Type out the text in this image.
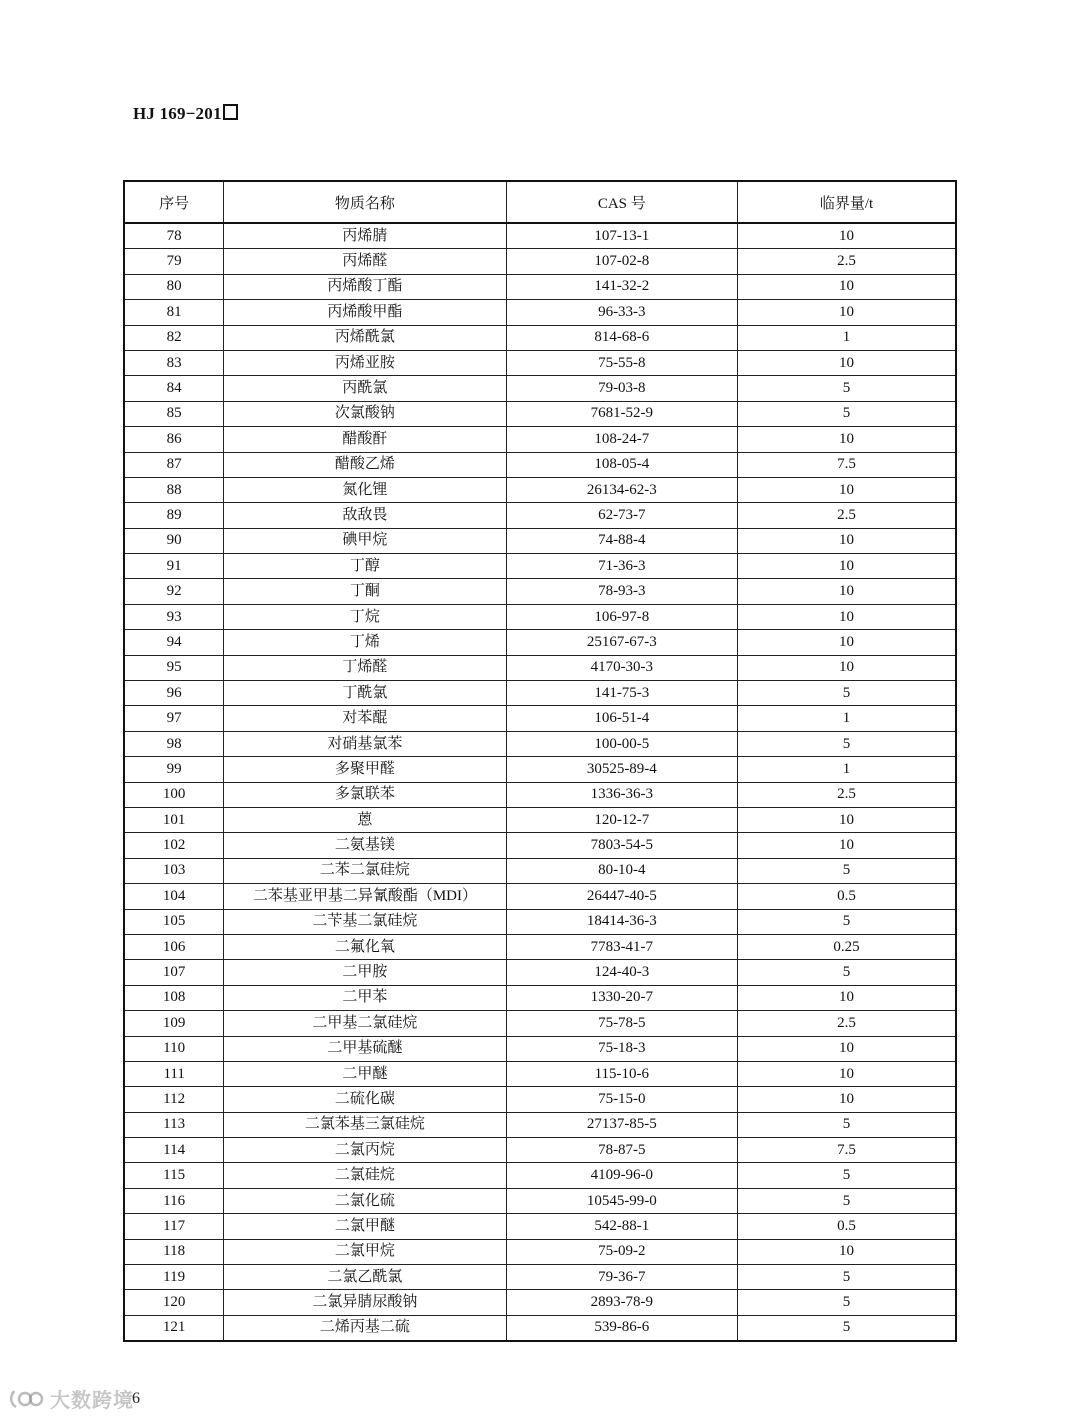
HJ 169−201
序号	物质名称	CAS 号	临界量/t
78	丙烯腈	107-13-1	10
79	丙烯醛	107-02-8	2.5
80	丙烯酸丁酯	141-32-2	10
81	丙烯酸甲酯	96-33-3	10
82	丙烯酰氯	814-68-6	1
83	丙烯亚胺	75-55-8	10
84	丙酰氯	79-03-8	5
85	次氯酸钠	7681-52-9	5
86	醋酸酐	108-24-7	10
87	醋酸乙烯	108-05-4	7.5
88	氮化锂	26134-62-3	10
89	敌敌畏	62-73-7	2.5
90	碘甲烷	74-88-4	10
91	丁醇	71-36-3	10
92	丁酮	78-93-3	10
93	丁烷	106-97-8	10
94	丁烯	25167-67-3	10
95	丁烯醛	4170-30-3	10
96	丁酰氯	141-75-3	5
97	对苯醌	106-51-4	1
98	对硝基氯苯	100-00-5	5
99	多聚甲醛	30525-89-4	1
100	多氯联苯	1336-36-3	2.5
101	蒽	120-12-7	10
102	二氨基镁	7803-54-5	10
103	二苯二氯硅烷	80-10-4	5
104	二苯基亚甲基二异氰酸酯（MDI）	26447-40-5	0.5
105	二苄基二氯硅烷	18414-36-3	5
106	二氟化氧	7783-41-7	0.25
107	二甲胺	124-40-3	5
108	二甲苯	1330-20-7	10
109	二甲基二氯硅烷	75-78-5	2.5
110	二甲基硫醚	75-18-3	10
111	二甲醚	115-10-6	10
112	二硫化碳	75-15-0	10
113	二氯苯基三氯硅烷	27137-85-5	5
114	二氯丙烷	78-87-5	7.5
115	二氯硅烷	4109-96-0	5
116	二氯化硫	10545-99-0	5
117	二氯甲醚	542-88-1	0.5
118	二氯甲烷	75-09-2	10
119	二氯乙酰氯	79-36-7	5
120	二氯异腈尿酸钠	2893-78-9	5
121	二烯丙基二硫	539-86-6	5
大数跨境
6
